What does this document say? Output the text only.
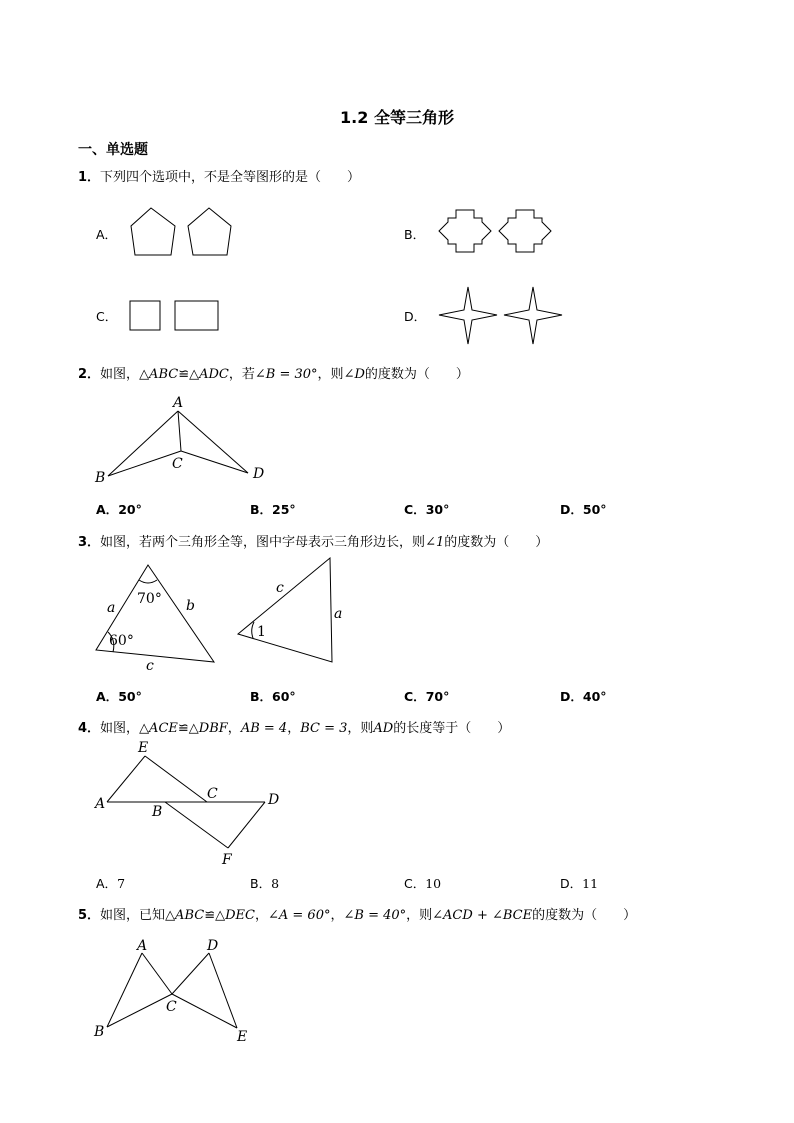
1.2 全等三角形
一、单选题
1．下列四个选项中，不是全等图形的是（　　）
A．	B．
C．	D．
2．如图，△ABC≌△ADC，若∠B = 30°，则∠D的度数为（　　）
A
B
C
D
A．20°	B．25°	C．30°	D．50°
3．如图，若两个三角形全等，图中字母表示三角形边长，则∠1的度数为（　　）
a	b
c
70°
60°
c
a
1
A．50°	B．60°	C．70°	D．40°
4．如图，△ACE≌△DBF，AB = 4，BC = 3，则AD的长度等于（　　）
E
A	B
C	D
F
A．7	B．8	C．10	D．11
5．如图，已知△ABC≌△DEC，∠A = 60°，∠B = 40°，则∠ACD + ∠BCE的度数为（　　）
A	D
C
B	E
